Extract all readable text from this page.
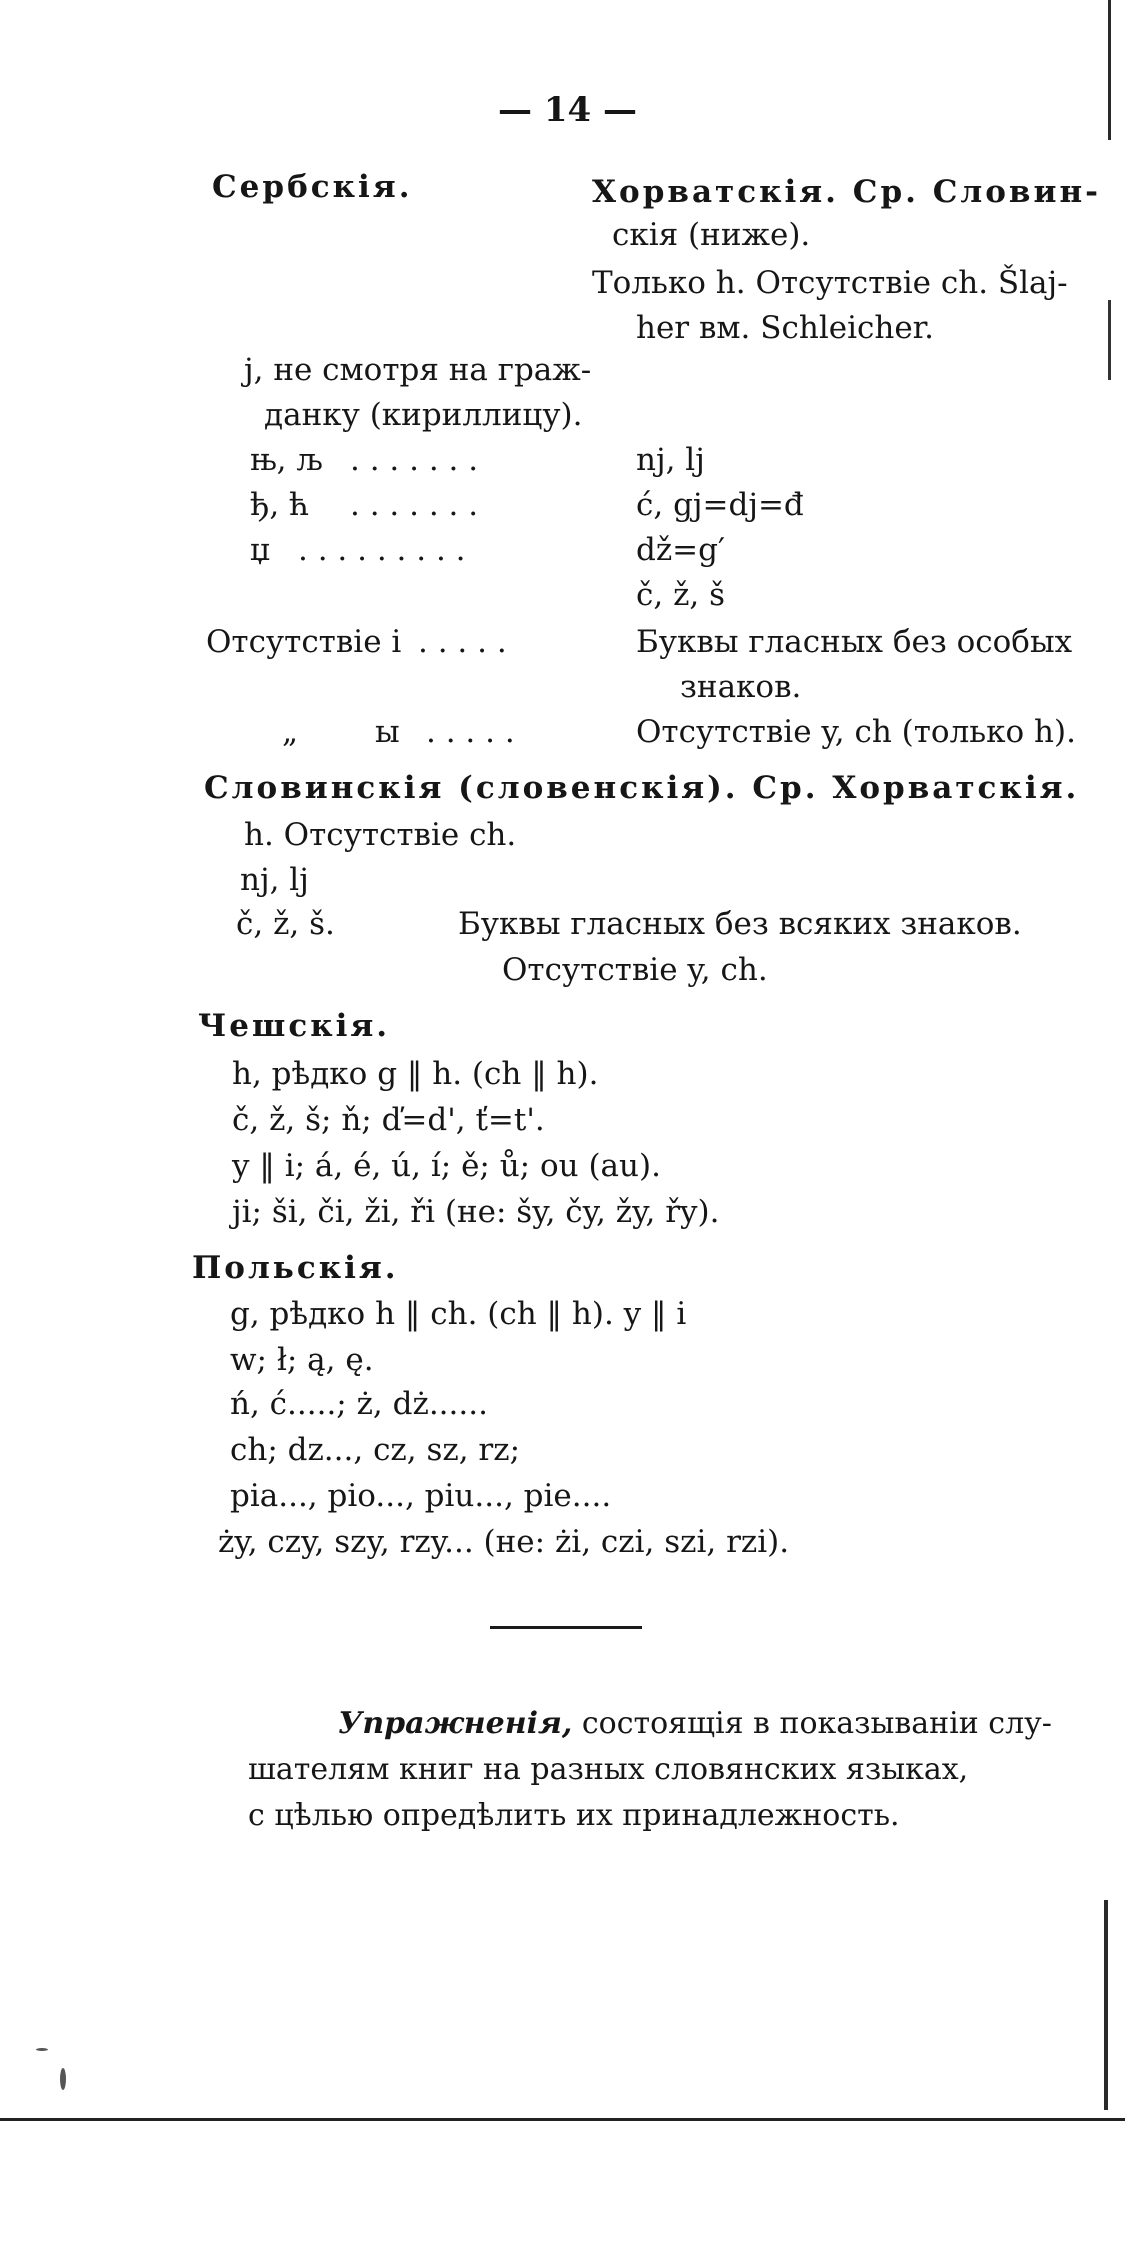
— 14 —
Сербскія.	Хорватскія. Ср. Словин-
скія (ниже).
Только h. Отсутствіе ch. Šlaj-
her вм. Schleicher.
j, не смотря на граж-
данку (кириллицу).
њ, љ . . . . . . .	nj, lj
ђ, ћ . . . . . . .	ć, gj=dj=đ
џ . . . . . . . . .	dž=g′
č, ž, š
Отсутствіе і . . . . .	Буквы гласных без особых
знаков.
„ ы . . . . .	Отсутствіе y, ch (только h).
Словинскія (словенскія). Ср. Хорватскія.
h. Отсутствіе ch.
nj, lj
č, ž, š.	Буквы гласных без всяких знаков.
Отсутствіе y, ch.
Чешскія.
h, рѣдко g ‖ h. (ch ‖ h).
č, ž, š; ň; ď=d', ť=t'.
y ‖ i; á, é, ú, í; ě; ů; ou (au).
ji; ši, či, ži, ři (не: šy, čy, žy, řy).
Польскія.
g, рѣдко h ‖ ch. (ch ‖ h). y ‖ i
w; ł; ą, ę.
ń, ć.....; ż, dż......
ch; dz..., cz, sz, rz;
pia..., pio..., piu..., pie....
ży, czy, szy, rzy... (не: żi, czi, szi, rzi).
Упражненія, состоящія в показываніи слу-
шателям книг на разных словянских языках,
с цѣлью опредѣлить их принадлежность.
